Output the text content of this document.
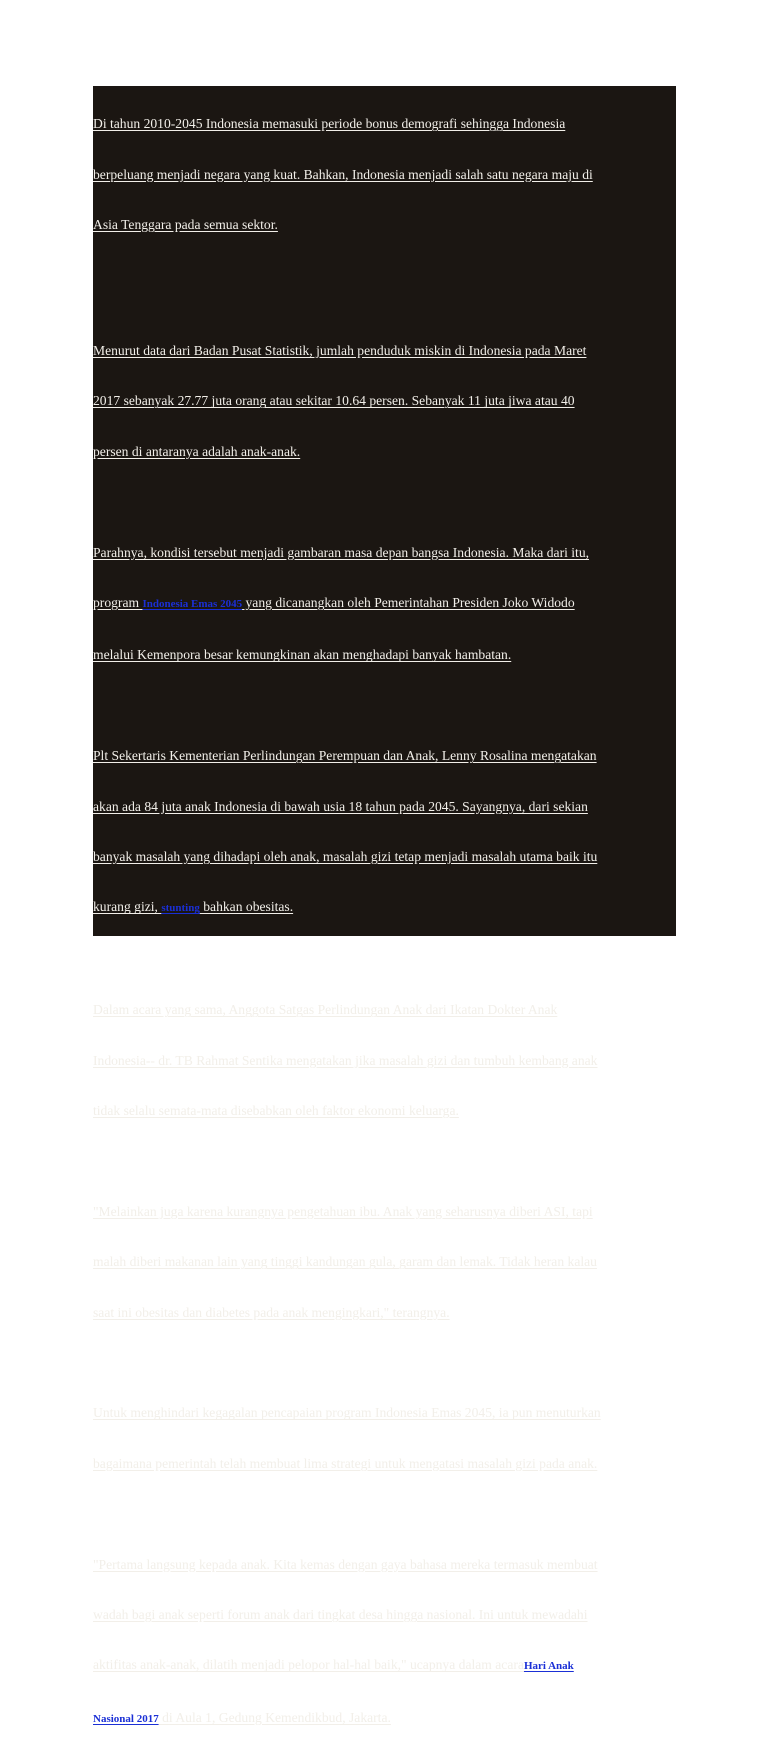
Di tahun 2010-2045 Indonesia memasuki periode bonus demografi sehingga Indonesia

berpeluang menjadi negara yang kuat. Bahkan, Indonesia menjadi salah satu negara maju di

Asia Tenggara pada semua sektor.

Menurut data dari Badan Pusat Statistik, jumlah penduduk miskin di Indonesia pada Maret

2017 sebanyak 27.77 juta orang atau sekitar 10.64 persen. Sebanyak 11 juta jiwa atau 40

persen di antaranya adalah anak-anak.

Parahnya, kondisi tersebut menjadi gambaran masa depan bangsa Indonesia. Maka dari itu,

program Indonesia Emas 2045 yang dicanangkan oleh Pemerintahan Presiden Joko Widodo

melalui Kemenpora besar kemungkinan akan menghadapi banyak hambatan.

Plt Sekertaris Kementerian Perlindungan Perempuan dan Anak, Lenny Rosalina mengatakan

akan ada 84 juta anak Indonesia di bawah usia 18 tahun pada 2045. Sayangnya, dari sekian

banyak masalah yang dihadapi oleh anak, masalah gizi tetap menjadi masalah utama baik itu

kurang gizi, stunting bahkan obesitas.

Dalam acara yang sama, Anggota Satgas Perlindungan Anak dari Ikatan Dokter Anak

Indonesia-- dr. TB Rahmat Sentika mengatakan jika masalah gizi dan tumbuh kembang anak

tidak selalu semata-mata disebabkan oleh faktor ekonomi keluarga.

"Melainkan juga karena kurangnya pengetahuan ibu. Anak yang seharusnya diberi ASI, tapi

malah diberi makanan lain yang tinggi kandungan gula, garam dan lemak. Tidak heran kalau

saat ini obesitas dan diabetes pada anak mengingkari," terangnya.

Untuk menghindari kegagalan pencapaian program Indonesia Emas 2045, ia pun menuturkan

bagaimana pemerintah telah membuat lima strategi untuk mengatasi masalah gizi pada anak.

"Pertama langsung kepada anak. Kita kemas dengan gaya bahasa mereka termasuk membuat

wadah bagi anak seperti forum anak dari tingkat desa hingga nasional. Ini untuk mewadahi

aktifitas anak-anak, dilatih menjadi pelopor hal-hal baik," ucapnya dalam acaraHari Anak

Nasional 2017 di Aula 1, Gedung Kemendikbud, Jakarta.
